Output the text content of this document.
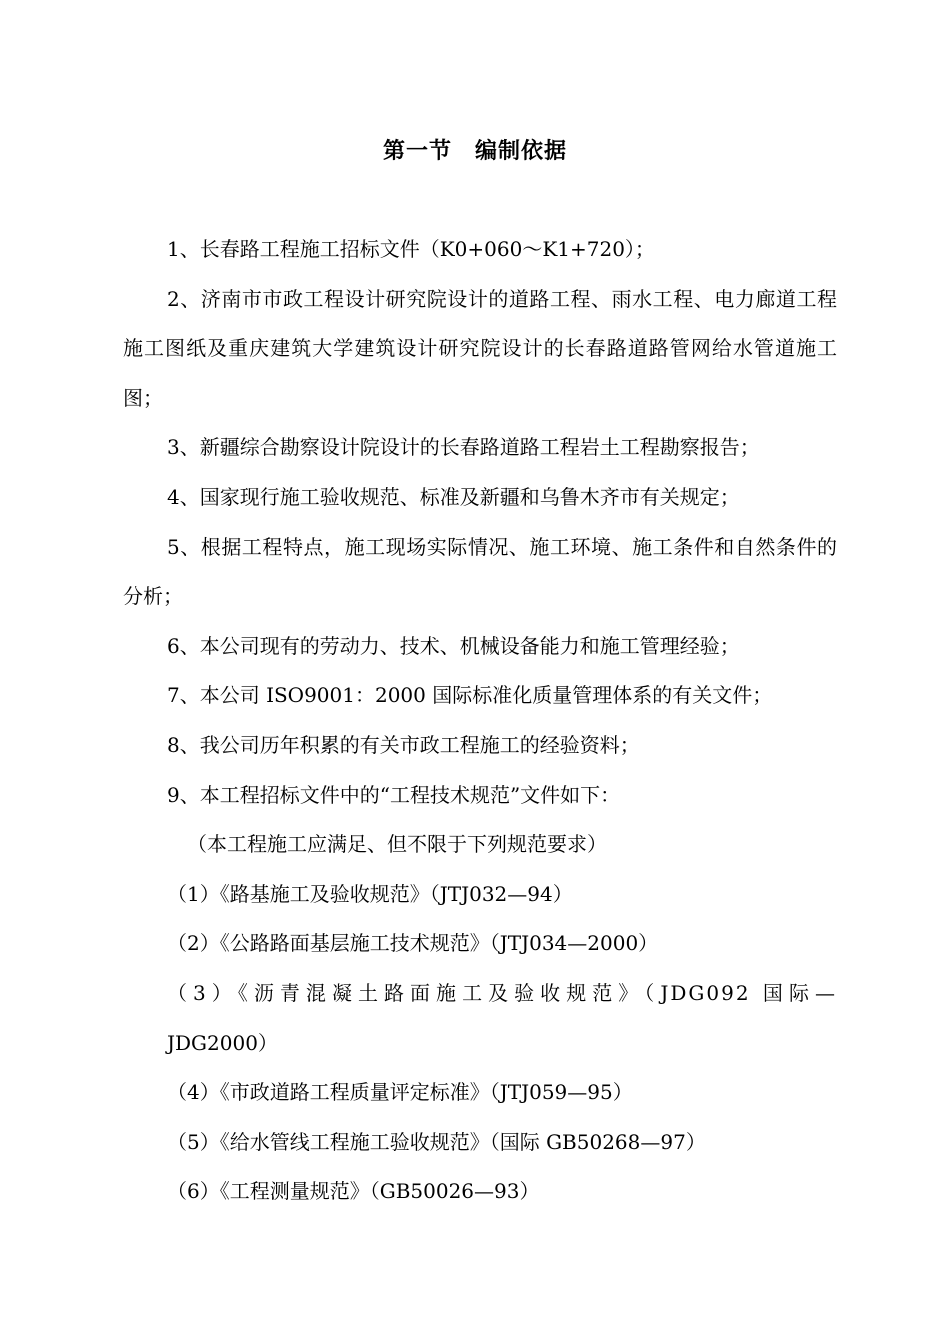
第一节　编制依据

1、长春路工程施工招标文件（K0+060～K1+720）；

2、济南市市政工程设计研究院设计的道路工程、雨水工程、电力廊道工程施工图纸及重庆建筑大学建筑设计研究院设计的长春路道路管网给水管道施工图；

3、新疆综合勘察设计院设计的长春路道路工程岩土工程勘察报告；

4、国家现行施工验收规范、标准及新疆和乌鲁木齐市有关规定；

5、根据工程特点，施工现场实际情况、施工环境、施工条件和自然条件的分析；

6、本公司现有的劳动力、技术、机械设备能力和施工管理经验；

7、本公司 ISO9001：2000 国际标准化质量管理体系的有关文件；

8、我公司历年积累的有关市政工程施工的经验资料；

9、本工程招标文件中的“工程技术规范”文件如下：

（本工程施工应满足、但不限于下列规范要求）

（1）《路基施工及验收规范》（JTJ032—94）

（2）《公路路面基层施工技术规范》（JTJ034—2000）

（3）《沥青混凝土路面施工及验收规范》（JDG092 国际—
JDG2000）

（4）《市政道路工程质量评定标准》（JTJ059—95）

（5）《给水管线工程施工验收规范》（国际 GB50268—97）

（6）《工程测量规范》（GB50026—93）
